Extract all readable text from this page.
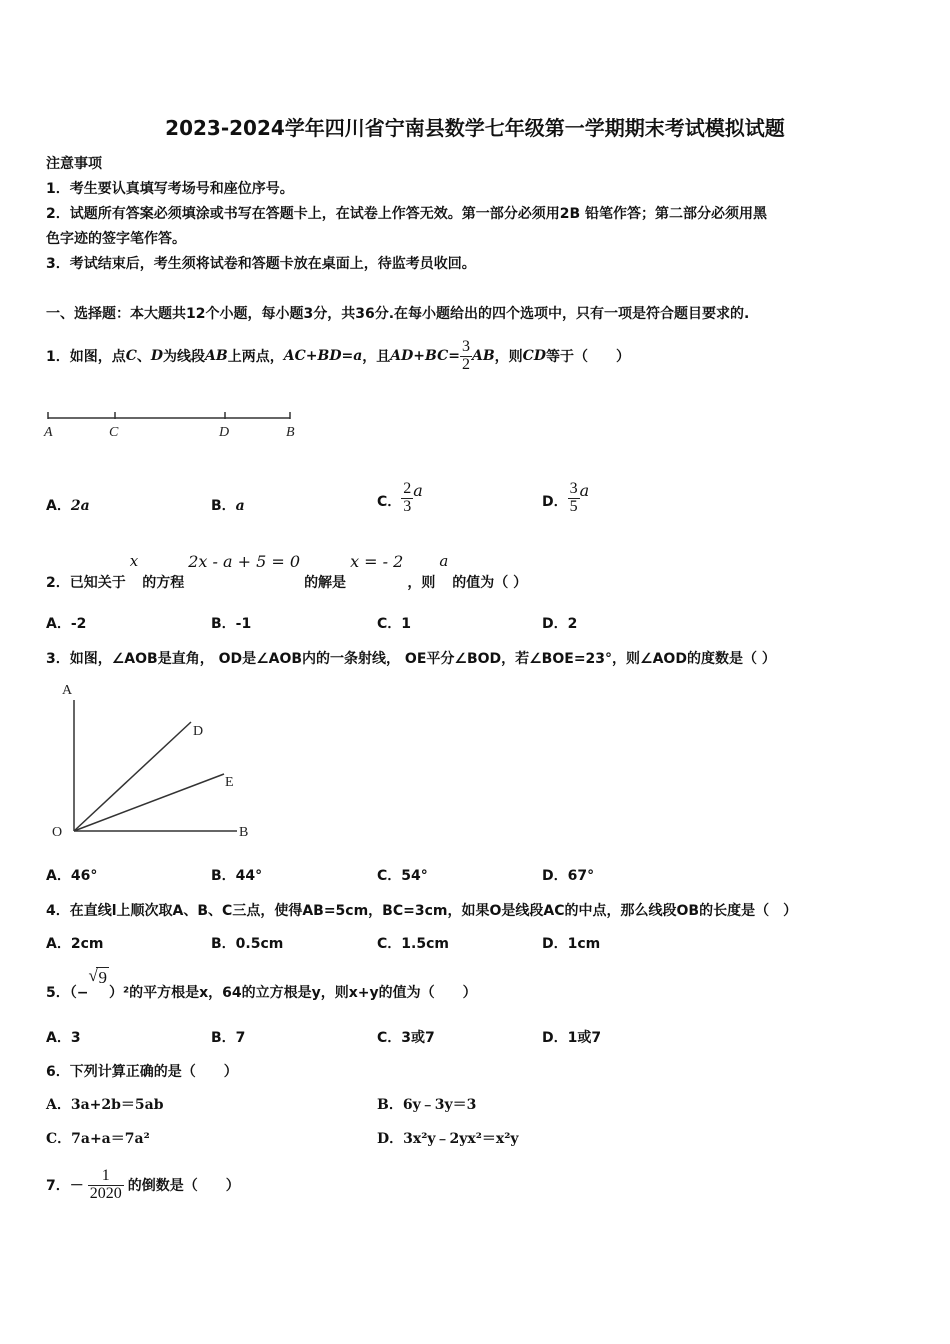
2023-2024学年四川省宁南县数学七年级第一学期期末考试模拟试题
注意事项
1．考生要认真填写考场号和座位序号。
2．试题所有答案必须填涂或书写在答题卡上，在试卷上作答无效。第一部分必须用2B 铅笔作答；第二部分必须用黑
色字迹的签字笔作答。
3．考试结束后，考生须将试卷和答题卡放在桌面上，待监考员收回。
一、选择题：本大题共12个小题，每小题3分，共36分.在每小题给出的四个选项中，只有一项是符合题目要求的.
1．如图，点 C 、 D 为线段 AB 上两点， AC+BD=a ，且 $AD+BC= \frac{3}{2}$ AB ，则 CD 等于（　　）
A	C	D	B
A．2a	B．a	C． $\frac{2}{3}$ a
D． $\frac{3}{5}$ a
2．已知关于
x
的方程
2x - a + 5 = 0
的解是
x = - 2
，则
a
的值为（ ）
A．-2	B．-1	C．1	D．2
3．如图，∠AOB是直角， OD是∠AOB内的一条射线， OE平分∠BOD，若∠BOE=23°，则∠AOD的度数是（ ）
A
D
E
O	B
A．46°	B．44°	C．54°	D．67°
4．在直线l上顺次取A、B、C三点，使得AB=5cm，BC=3cm，如果O是线段AC的中点，那么线段OB的长度是（　）
A．2cm	B．0.5cm	C．1.5cm	D．1cm
5．（−
√ 9
）²的平方根是x，64的立方根是y，则x+y的值为（　　）
A．3	B．7	C．3或7	D．1或7
6．下列计算正确的是（　　）
A．3a+2b＝5ab	B．6y﹣3y＝3
C．7a+a＝7a²	D．3x²y﹣2yx²＝x²y
7．－ $\frac{1}{2020}$ 的倒数是（　　）
